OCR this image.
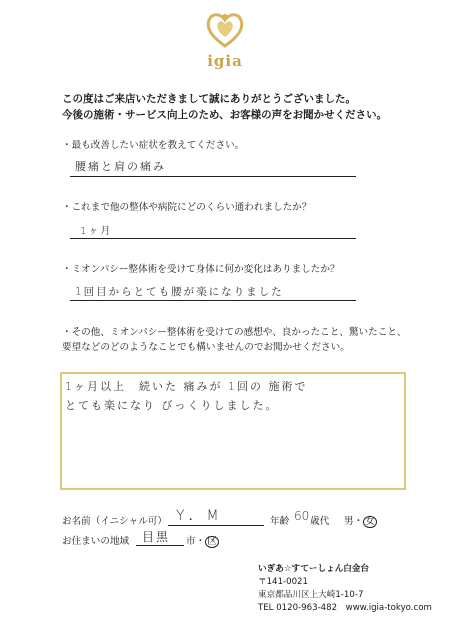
igia
この度はご来店いただきまして誠にありがとうございました。
今後の施術・サービス向上のため、お客様の声をお聞かせください。
・最も改善したい症状を教えてください。
腰痛と肩の痛み
・これまで他の整体や病院にどのくらい通われましたか？
1ヶ月
・ミオンパシー整体術を受けて身体に何か変化はありましたか？
1回目からとても腰が楽になりました
・その他、ミオンパシー整体術を受けての感想や、良かったこと、驚いたこと、
要望などのどのようなことでも構いませんのでお聞かせください。
1ヶ月以上　続いた 痛みが 1回の 施術で
とても楽になり びっくりしました。
お名前（イニシャル可） Y．M	年齢 60 歳代 男・ 女
お住まいの地域 目黒 市・ 区
いぎあ☆すてーしょん白金台
〒141-0021
東京都品川区上大崎1-10-7
TEL 0120-963-482　www.igia-tokyo.com
